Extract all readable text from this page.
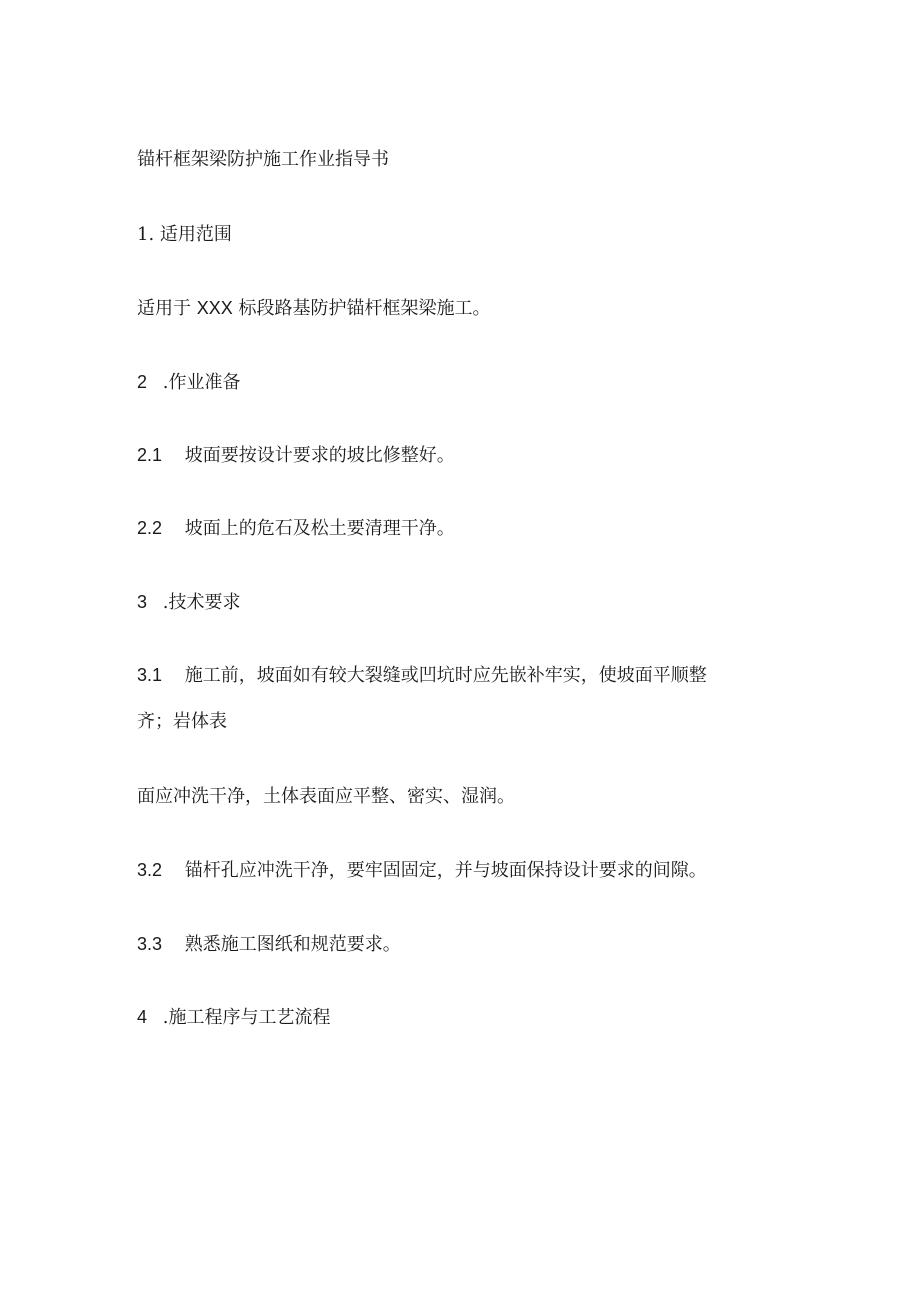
锚杆框架梁防护施工作业指导书
1. 适用范围
适用于 XXX 标段路基防护锚杆框架梁施工。
2 .作业准备
2.1 坡面要按设计要求的坡比修整好。
2.2 坡面上的危石及松土要清理干净。
3 .技术要求
3.1 施工前，坡面如有较大裂缝或凹坑时应先嵌补牢实，使坡面平顺整
齐；岩体表
面应冲洗干净，土体表面应平整、密实、湿润。
3.2 锚杆孔应冲洗干净，要牢固固定，并与坡面保持设计要求的间隙。
3.3 熟悉施工图纸和规范要求。
4 .施工程序与工艺流程
